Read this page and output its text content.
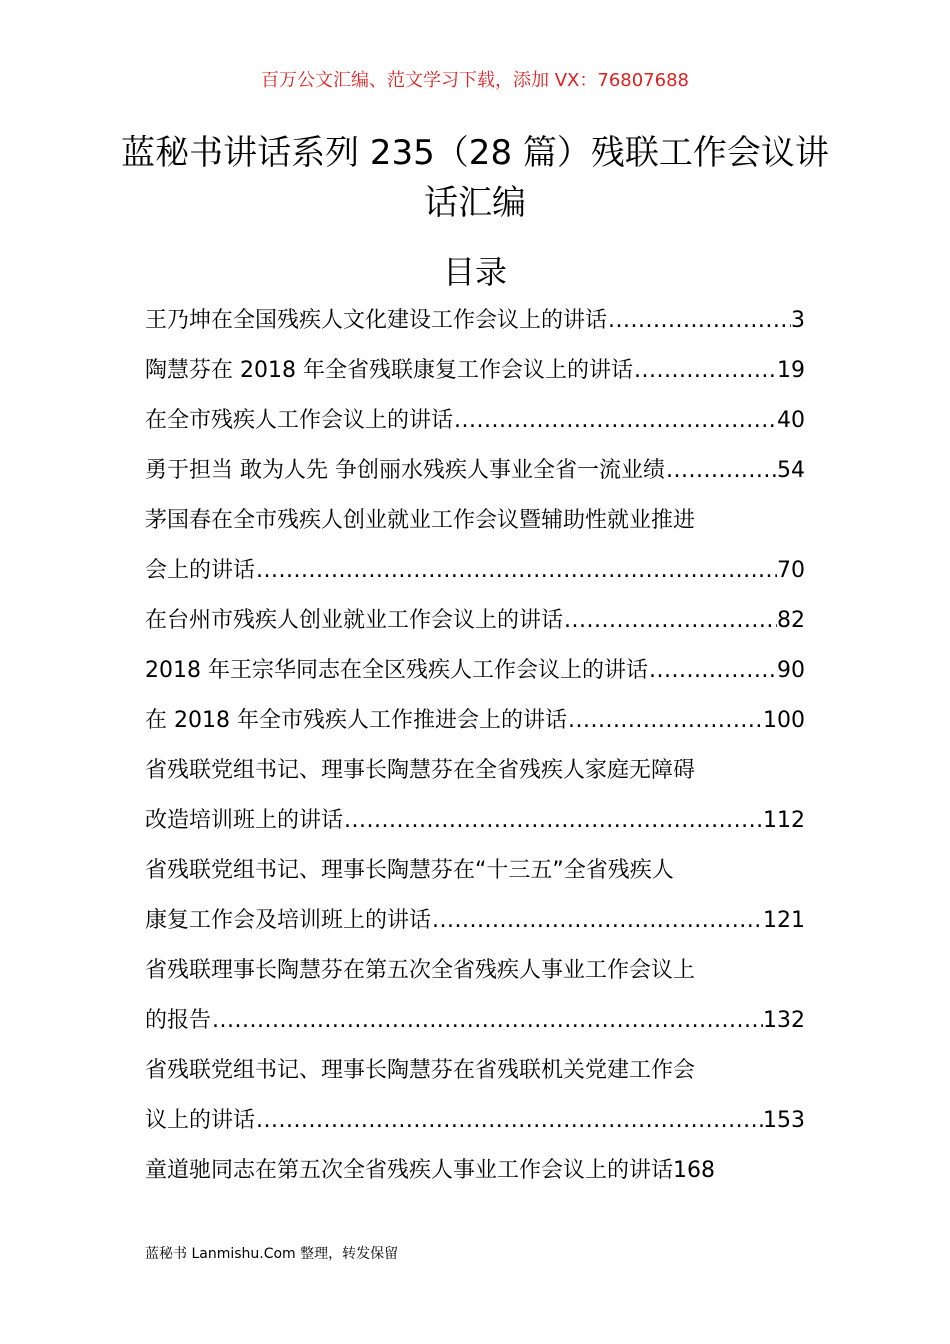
百万公文汇编、范文学习下载，添加 VX：76807688
蓝秘书讲话系列 235（28 篇）残联工作会议讲话汇编
目录
王乃坤在全国残疾人文化建设工作会议上的讲话 .....	3
陶慧芬在 2018 年全省残联康复工作会议上的讲话 .....	19
在全市残疾人工作会议上的讲话 .....	40
勇于担当 敢为人先 争创丽水残疾人事业全省一流业绩 .....	54
茅国春在全市残疾人创业就业工作会议暨辅助性就业推进
会上的讲话 .....	70
在台州市残疾人创业就业工作会议上的讲话 .....	82
2018 年王宗华同志在全区残疾人工作会议上的讲话 .....	90
在 2018 年全市残疾人工作推进会上的讲话 .....	100
省残联党组书记、理事长陶慧芬在全省残疾人家庭无障碍
改造培训班上的讲话 .....	112
省残联党组书记、理事长陶慧芬在“十三五”全省残疾人
康复工作会及培训班上的讲话 .....	121
省残联理事长陶慧芬在第五次全省残疾人事业工作会议上
的报告 .....	132
省残联党组书记、理事长陶慧芬在省残联机关党建工作会
议上的讲话 .....	153
童道驰同志在第五次全省残疾人事业工作会议上的讲话 168
蓝秘书 Lanmishu.Com 整理，转发保留
